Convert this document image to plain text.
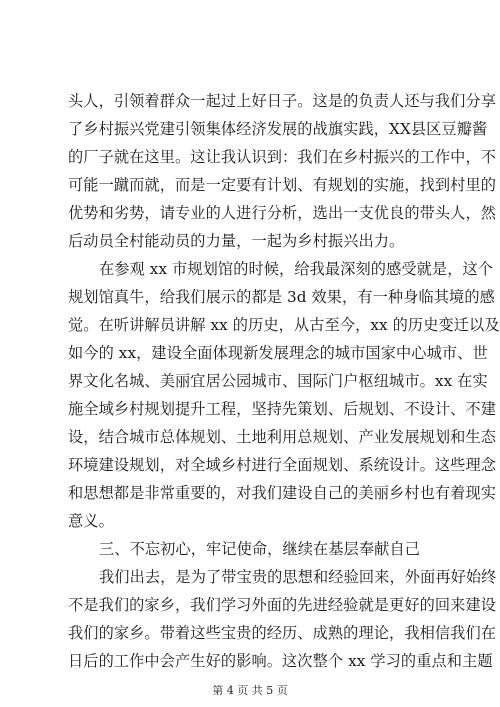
头人，引领着群众一起过上好日子。这是的负责人还与我们分享
了乡村振兴党建引领集体经济发展的战旗实践，XX县区豆瓣酱
的厂子就在这里。这让我认识到：我们在乡村振兴的工作中，不
可能一蹴而就，而是一定要有计划、有规划的实施，找到村里的
优势和劣势，请专业的人进行分析，选出一支优良的带头人，然
后动员全村能动员的力量，一起为乡村振兴出力。
在参观 xx 市规划馆的时候，给我最深刻的感受就是，这个
规划馆真牛，给我们展示的都是 3d 效果，有一种身临其境的感
觉。在听讲解员讲解 xx 的历史，从古至今，xx 的历史变迁以及
如今的 xx，建设全面体现新发展理念的城市国家中心城市、世
界文化名城、美丽宜居公园城市、国际门户枢纽城市。xx 在实
施全域乡村规划提升工程，坚持先策划、后规划、不设计、不建
设，结合城市总体规划、土地利用总规划、产业发展规划和生态
环境建设规划，对全域乡村进行全面规划、系统设计。这些理念
和思想都是非常重要的，对我们建设自己的美丽乡村也有着现实
意义。
三、不忘初心，牢记使命，继续在基层奉献自己
我们出去，是为了带宝贵的思想和经验回来，外面再好始终
不是我们的家乡，我们学习外面的先进经验就是更好的回来建设
我们的家乡。带着这些宝贵的经历、成熟的理论，我相信我们在
日后的工作中会产生好的影响。这次整个 xx 学习的重点和主题
第 4 页 共 5 页
